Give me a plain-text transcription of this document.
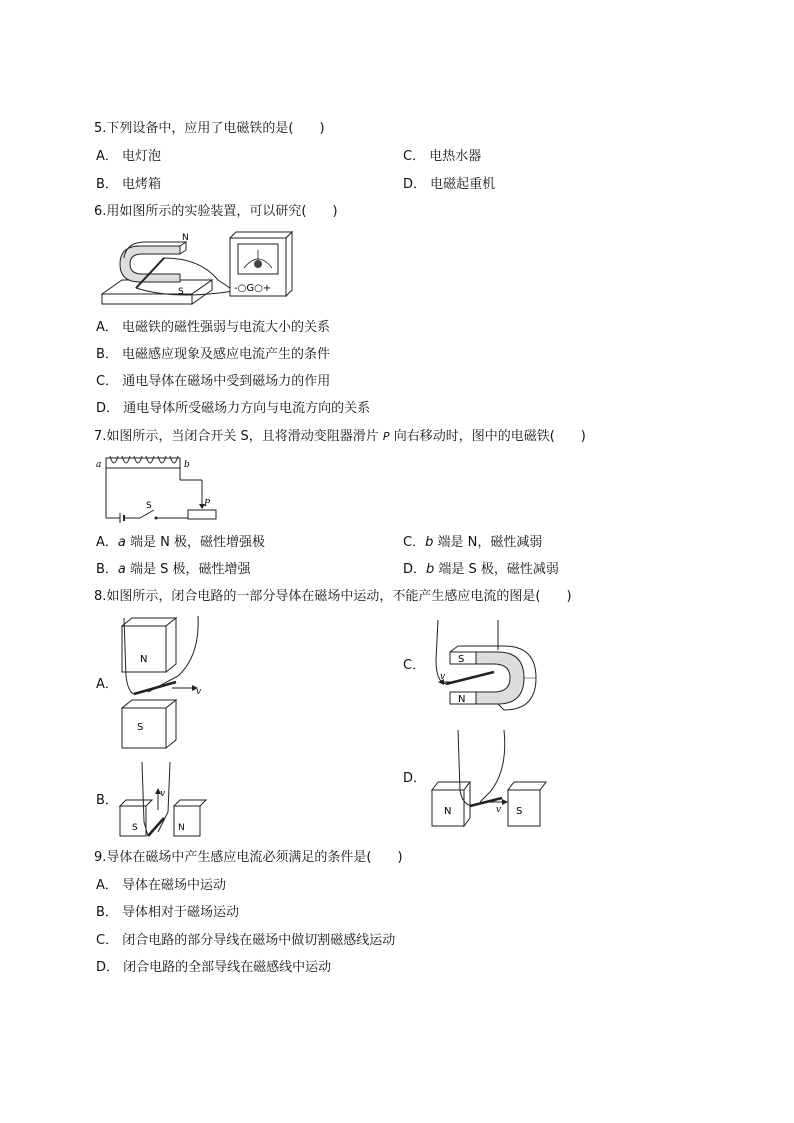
5.下列设备中，应用了电磁铁的是(　　)
A． 电灯泡	C． 电热水器
B． 电烤箱	D． 电磁起重机
6.用如图所示的实验装置，可以研究(　　)
N
S	-○G○+
A． 电磁铁的磁性强弱与电流大小的关系
B． 电磁感应现象及感应电流产生的条件
C． 通电导体在磁场中受到磁场力的作用
D． 通电导体所受磁场力方向与电流方向的关系
7.如图所示，当闭合开关 S，且将滑动变阻器滑片 P 向右移动时，图中的电磁铁(　　)
a	b
P
S
A．a 端是 N 极，磁性增强极	C．b 端是 N，磁性减弱
B．a 端是 S 极，磁性增强	D．b 端是 S 极，磁性减弱
8.如图所示，闭合电路的一部分导体在磁场中运动，不能产生感应电流的图是(　　)
A．
N
S
v
C．	S
N
v
B．
S	N
v
D．
N	S
v
9.导体在磁场中产生感应电流必须满足的条件是(　　)
A． 导体在磁场中运动
B． 导体相对于磁场运动
C． 闭合电路的部分导线在磁场中做切割磁感线运动
D． 闭合电路的全部导线在磁感线中运动
